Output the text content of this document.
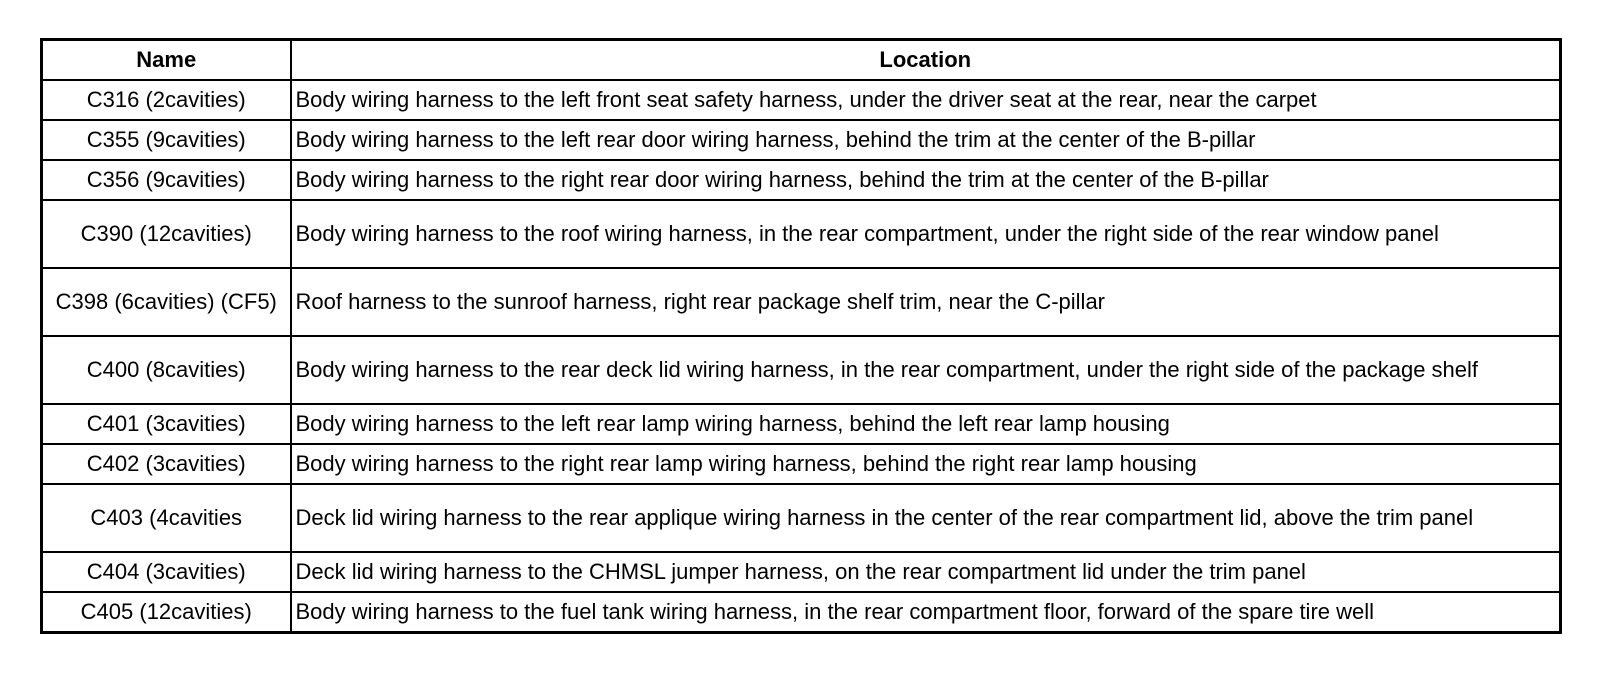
Name	Location
C316 (2cavities)	Body wiring harness to the left front seat safety harness, under the driver seat at the rear, near the carpet
C355 (9cavities)	Body wiring harness to the left rear door wiring harness, behind the trim at the center of the B-pillar
C356 (9cavities)	Body wiring harness to the right rear door wiring harness, behind the trim at the center of the B-pillar
C390 (12cavities)	Body wiring harness to the roof wiring harness, in the rear compartment, under the right side of the rear window panel
C398 (6cavities) (CF5)	Roof harness to the sunroof harness, right rear package shelf trim, near the C-pillar
C400 (8cavities)	Body wiring harness to the rear deck lid wiring harness, in the rear compartment, under the right side of the package shelf
C401 (3cavities)	Body wiring harness to the left rear lamp wiring harness, behind the left rear lamp housing
C402 (3cavities)	Body wiring harness to the right rear lamp wiring harness, behind the right rear lamp housing
C403 (4cavities	Deck lid wiring harness to the rear applique wiring harness in the center of the rear compartment lid, above the trim panel
C404 (3cavities)	Deck lid wiring harness to the CHMSL jumper harness, on the rear compartment lid under the trim panel
C405 (12cavities)	Body wiring harness to the fuel tank wiring harness, in the rear compartment floor, forward of the spare tire well
